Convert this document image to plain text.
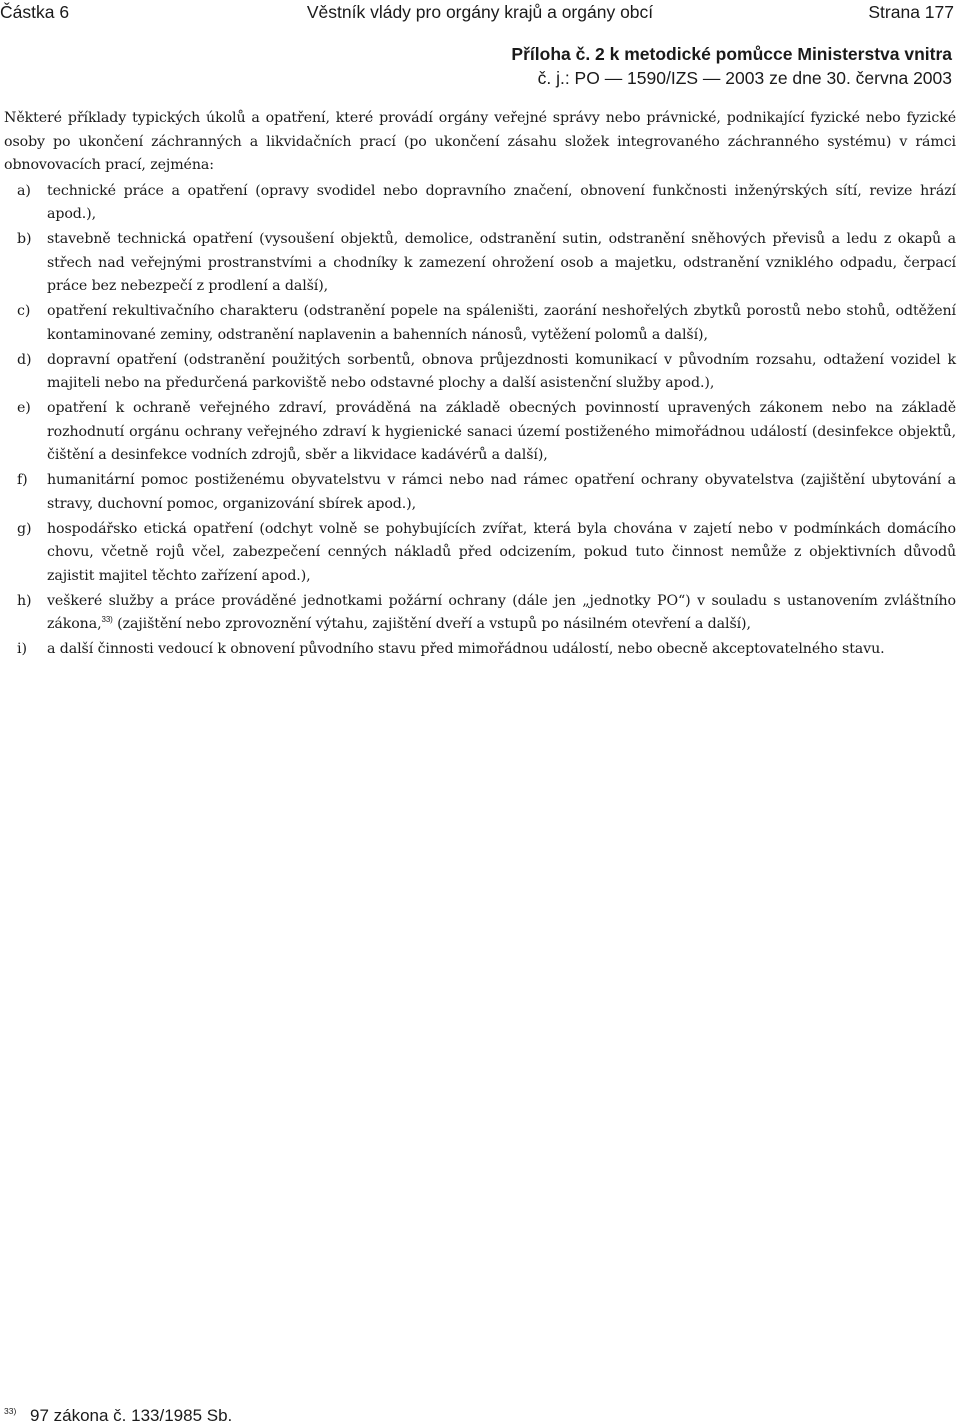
Částka 6	Věstník vlády pro orgány krajů a orgány obcí	Strana 177
Příloha č. 2 k metodické pomůcce Ministerstva vnitra
č. j.: PO — 1590/IZS — 2003 ze dne 30. června 2003

Některé příklady typických úkolů a opatření, které provádí orgány veřejné správy nebo právnické, podnikající fyzické nebo fyzické osoby po ukončení záchranných a likvidačních prací (po ukončení zásahu složek integrovaného záchranného systému) v rámci obnovovacích prací, zejména:

a) technické práce a opatření (opravy svodidel nebo dopravního značení, obnovení funkčnosti inženýrských sítí, revize hrází apod.),
b) stavebně technická opatření (vysoušení objektů, demolice, odstranění sutin, odstranění sněhových převisů a ledu z okapů a střech nad veřejnými prostranstvími a chodníky k zamezení ohrožení osob a majetku, odstranění vzniklého odpadu, čerpací práce bez nebezpečí z prodlení a další),
c) opatření rekultivačního charakteru (odstranění popele na spáleništi, zaorání neshořelých zbytků porostů nebo stohů, odtěžení kontaminované zeminy, odstranění naplavenin a bahenních nánosů, vytěžení polomů a další),
d) dopravní opatření (odstranění použitých sorbentů, obnova průjezdnosti komunikací v původním rozsahu, odtažení vozidel k majiteli nebo na předurčená parkoviště nebo odstavné plochy a další asistenční služby apod.),
e) opatření k ochraně veřejného zdraví, prováděná na základě obecných povinností upravených zákonem nebo na základě rozhodnutí orgánu ochrany veřejného zdraví k hygienické sanaci území postiženého mimořádnou událostí (desinfekce objektů, čištění a desinfekce vodních zdrojů, sběr a likvidace kadávérů a další),
f) humanitární pomoc postiženému obyvatelstvu v rámci nebo nad rámec opatření ochrany obyvatelstva (zajištění ubytování a stravy, duchovní pomoc, organizování sbírek apod.),
g) hospodářsko etická opatření (odchyt volně se pohybujících zvířat, která byla chována v zajetí nebo v podmínkách domácího chovu, včetně rojů včel, zabezpečení cenných nákladů před odcizením, pokud tuto činnost nemůže z objektivních důvodů zajistit majitel těchto zařízení apod.),
h) veškeré služby a práce prováděné jednotkami požární ochrany (dále jen „jednotky PO“) v souladu s ustanovením zvláštního zákona,$^{33)}$ (zajištění nebo zprovoznění výtahu, zajištění dveří a vstupů po násilném otevření a další),
i) a další činnosti vedoucí k obnovení původního stavu před mimořádnou událostí, nebo obecně akceptovatelného stavu.
33) 97 zákona č. 133/1985 Sb.
